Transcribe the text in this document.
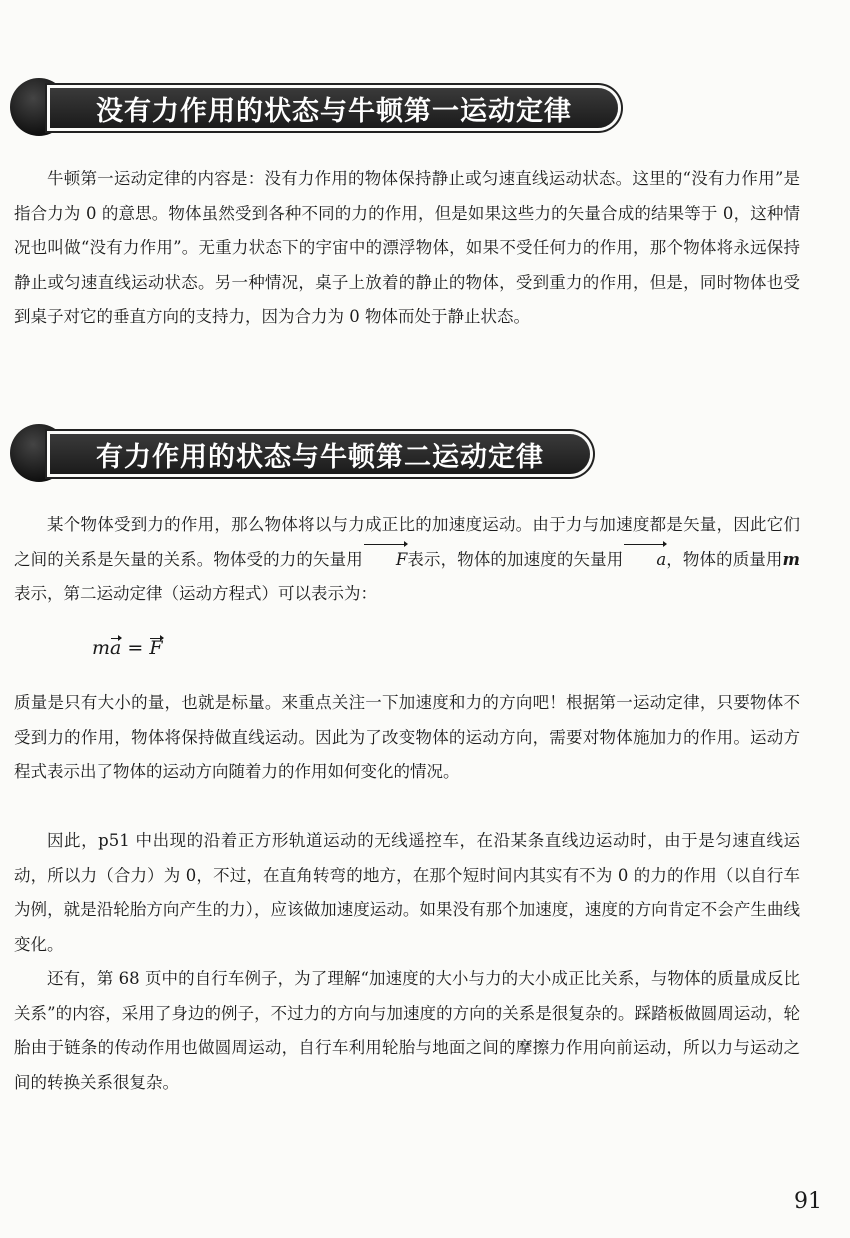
没有力作用的状态与牛顿第一运动定律

牛顿第一运动定律的内容是：没有力作用的物体保持静止或匀速直线运动状态。这里的“没有力作用”是指合力为 0 的意思。物体虽然受到各种不同的力的作用，但是如果这些力的矢量合成的结果等于 0，这种情况也叫做“没有力作用”。无重力状态下的宇宙中的漂浮物体，如果不受任何力的作用，那个物体将永远保持静止或匀速直线运动状态。另一种情况，桌子上放着的静止的物体，受到重力的作用，但是，同时物体也受到桌子对它的垂直方向的支持力，因为合力为 0 物体而处于静止状态。

有力作用的状态与牛顿第二运动定律

某个物体受到力的作用，那么物体将以与力成正比的加速度运动。由于力与加速度都是矢量，因此它们之间的关系是矢量的关系。物体受的力的矢量用 F表示，物体的加速度的矢量用 a，物体的质量用m表示，第二运动定律（运动方程式）可以表示为：

ma = F

质量是只有大小的量，也就是标量。来重点关注一下加速度和力的方向吧！根据第一运动定律，只要物体不受到力的作用，物体将保持做直线运动。因此为了改变物体的运动方向，需要对物体施加力的作用。运动方程式表示出了物体的运动方向随着力的作用如何变化的情况。

因此，p51 中出现的沿着正方形轨道运动的无线遥控车，在沿某条直线边运动时，由于是匀速直线运动，所以力（合力）为 0，不过，在直角转弯的地方，在那个短时间内其实有不为 0 的力的作用（以自行车为例，就是沿轮胎方向产生的力），应该做加速度运动。如果没有那个加速度，速度的方向肯定不会产生曲线变化。

还有，第 68 页中的自行车例子，为了理解“加速度的大小与力的大小成正比关系，与物体的质量成反比关系”的内容，采用了身边的例子，不过力的方向与加速度的方向的关系是很复杂的。踩踏板做圆周运动，轮胎由于链条的传动作用也做圆周运动，自行车利用轮胎与地面之间的摩擦力作用向前运动，所以力与运动之间的转换关系很复杂。

91
